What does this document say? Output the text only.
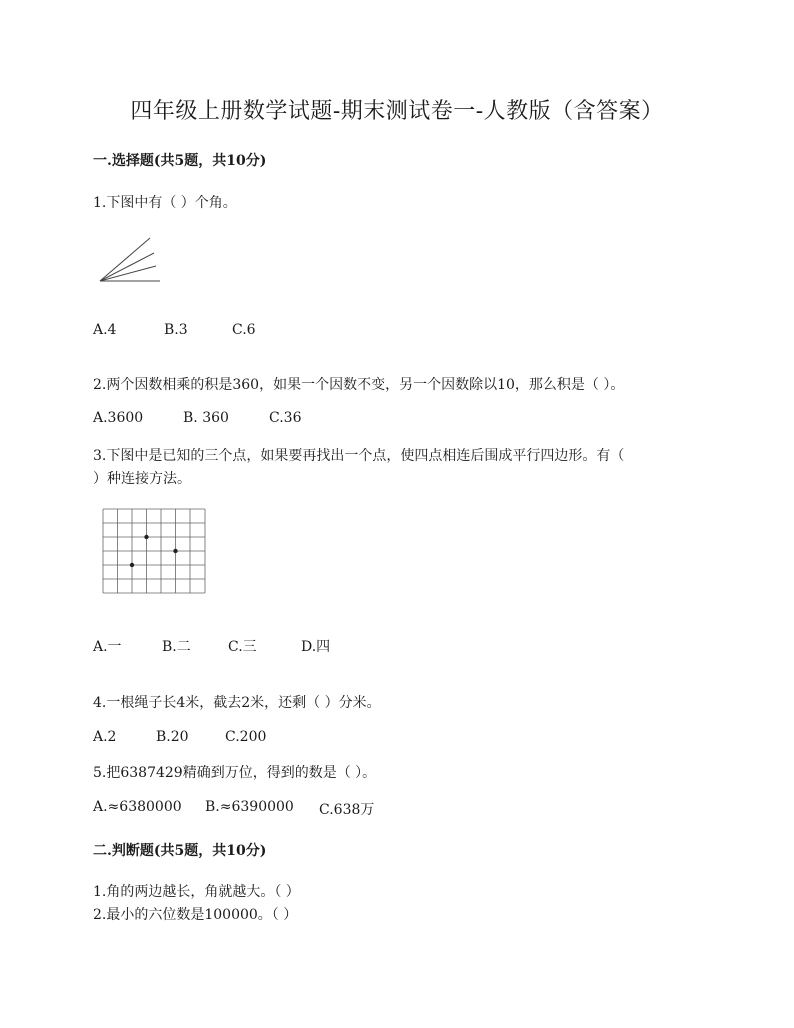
四年级上册数学试题-期末测试卷一-人教版（含答案）
一.选择题(共5题，共10分)
1.下图中有（ ）个角。
A.4	B.3	C.6
2.两个因数相乘的积是360，如果一个因数不变，另一个因数除以10，那么积是（ ）。
A.3600	B. 360	C.36
3.下图中是已知的三个点，如果要再找出一个点，使四点相连后围成平行四边形。有（
）种连接方法。
A.一	B.二	C.三	D.四
4.一根绳子长4米，截去2米，还剩（ ）分米。
A.2	B.20	C.200
5.把6387429精确到万位，得到的数是（ ）。
A.≈6380000	B.≈6390000	C.638万
二.判断题(共5题，共10分)
1.角的两边越长，角就越大。（ ）
2.最小的六位数是100000。（ ）
